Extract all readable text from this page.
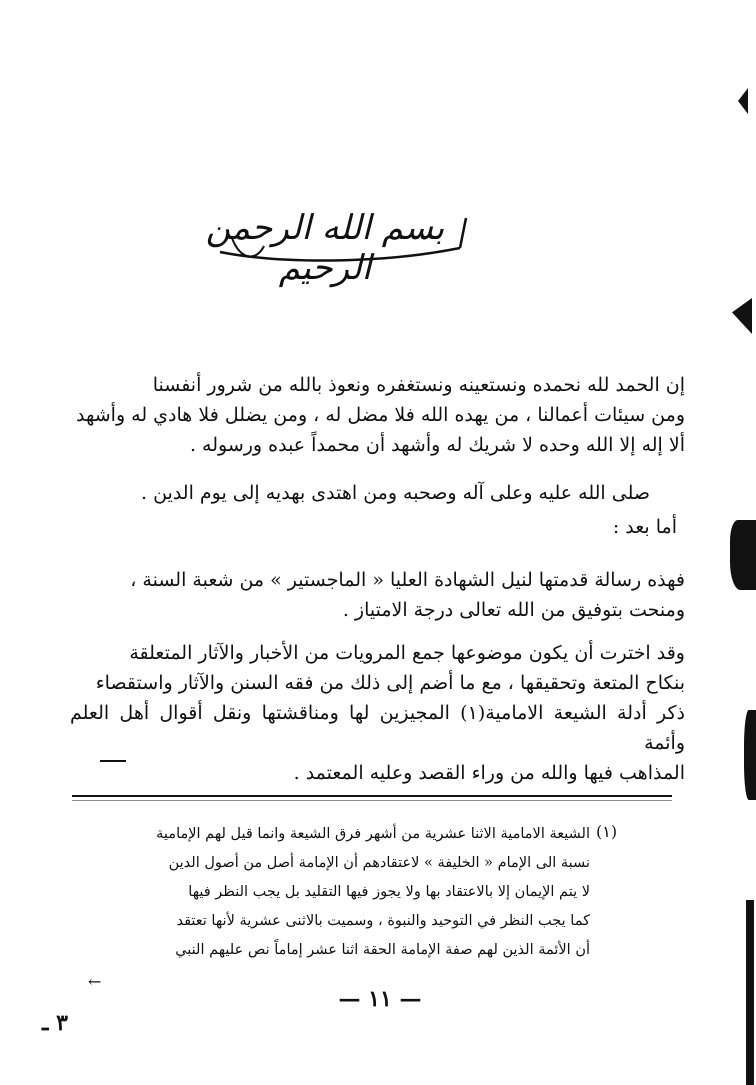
بسم الله الرحمن الرحيم

إن الحمد لله نحمده ونستعينه ونستغفره ونعوذ بالله من شرور أنفسنا

ومن سيئات أعمالنا ، من يهده الله فلا مضل له ، ومن يضلل فلا هادي له وأشهد

ألا إله إلا الله وحده لا شريك له وأشهد أن محمداً عبده ورسوله .

صلى الله عليه وعلى آله وصحبه ومن اهتدى بهديه إلى يوم الدين .

أما بعد :

فهذه رسالة قدمتها لنيل الشهادة العليا « الماجستير » من شعبة السنة ،

ومنحت بتوفيق من الله تعالى درجة الامتياز .

وقد اخترت أن يكون موضوعها جمع المرويات من الأخبار والآثار المتعلقة

بنكاح المتعة وتحقيقها ، مع ما أضم إلى ذلك من فقه السنن والآثار واستقصاء

ذكر أدلة الشيعة الامامية(١) المجيزين لها ومناقشتها ونقل أقوال أهل العلم وأئمة

المذاهب فيها والله من وراء القصد وعليه المعتمد .

(١)

الشيعة الامامية الاثنا عشرية من أشهر فرق الشيعة وانما قيل لهم الإمامية

نسبة الى الإمام « الخليفة » لاعتقادهم أن الإمامة أصل من أصول الدين

لا يتم الإيمان إلا بالاعتقاد بها ولا يجوز فيها التقليد بل يجب النظر فيها

كما يجب النظر في التوحيد والنبوة ، وسميت بالاثنى عشرية لأنها تعتقد

أن الأئمة الذين لهم صفة الإمامة الحقة اثنا عشر إماماً نص عليهم النبي

←
— ١١ —
٣ ـ
